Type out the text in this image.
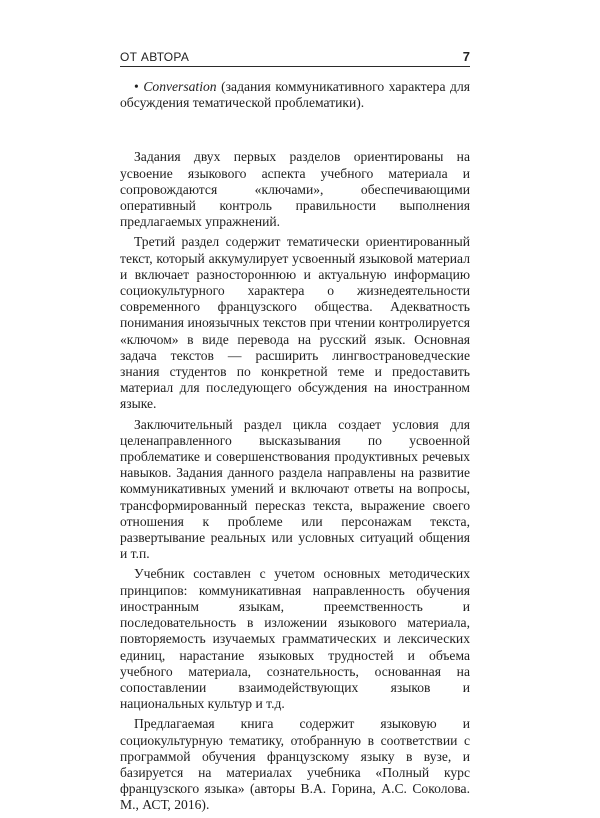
ОТ АВТОРА	7

• Conversation (задания коммуникативного характера для обсуждения тематической проблематики).

Задания двух первых разделов ориентированы на усвоение языкового аспекта учебного материала и сопровождаются «ключами», обеспечивающими оперативный контроль правильности выполнения предлагаемых упражнений.

Третий раздел содержит тематически ориентированный текст, который аккумулирует усвоенный языковой материал и включает разностороннюю и актуальную информацию социокультурного характера о жизнедеятельности современного французского общества. Адекватность понимания иноязычных текстов при чтении контролируется «ключом» в виде перевода на русский язык. Основная задача текстов — расширить лингвострановедческие знания студентов по конкретной теме и предоставить материал для последующего обсуждения на иностранном языке.

Заключительный раздел цикла создает условия для целенаправленного высказывания по усвоенной проблематике и совершенствования продуктивных речевых навыков. Задания данного раздела направлены на развитие коммуникативных умений и включают ответы на вопросы, трансформированный пересказ текста, выражение своего отношения к проблеме или персонажам текста, развертывание реальных или условных ситуаций общения и т.п.

Учебник составлен с учетом основных методических принципов: коммуникативная направленность обучения иностранным языкам, преемственность и последовательность в изложении языкового материала, повторяемость изучаемых грамматических и лексических единиц, нарастание языковых трудностей и объема учебного материала, сознательность, основанная на сопоставлении взаимодействующих языков и национальных культур и т.д.

Предлагаемая книга содержит языковую и социокультурную тематику, отобранную в соответствии с программой обучения французскому языку в вузе, и базируется на материалах учебника «Полный курс французского языка» (авторы В.А. Горина, А.С. Соколова. М., АСТ, 2016).
